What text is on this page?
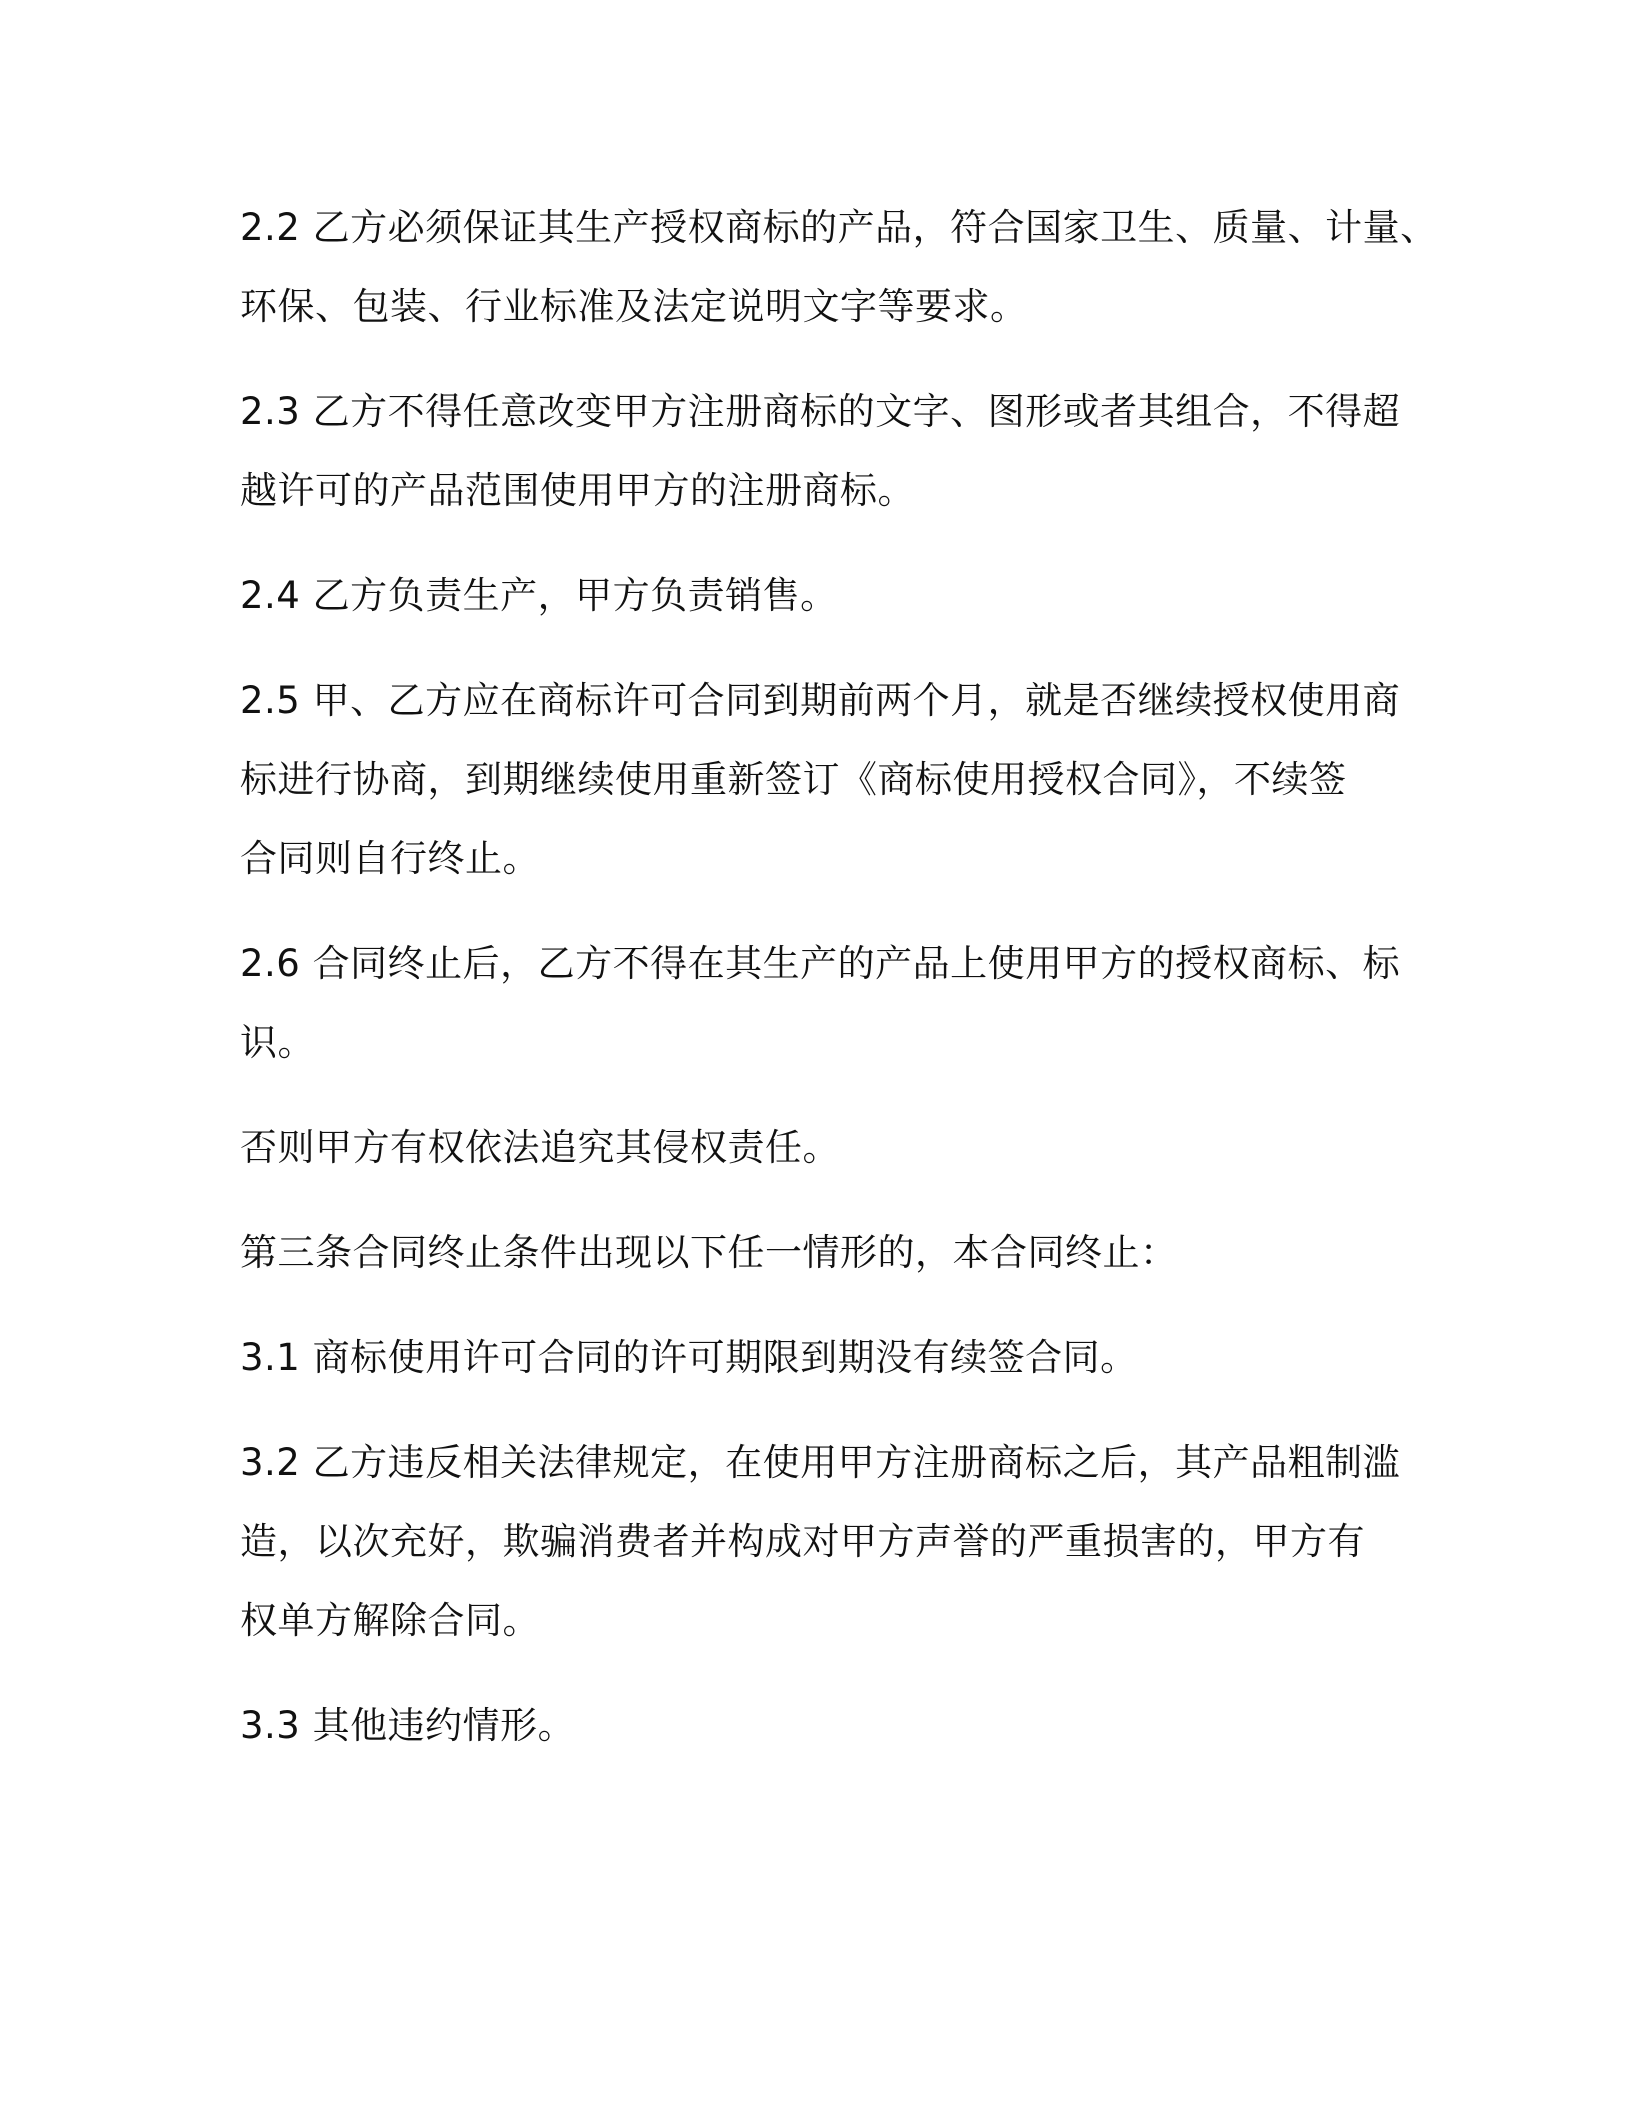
2.2 乙方必须保证其生产授权商标的产品，符合国家卫生、质量、计量、
环保、包装、行业标准及法定说明文字等要求。

2.3 乙方不得任意改变甲方注册商标的文字、图形或者其组合，不得超
越许可的产品范围使用甲方的注册商标。

2.4 乙方负责生产，甲方负责销售。

2.5 甲、乙方应在商标许可合同到期前两个月，就是否继续授权使用商
标进行协商，到期继续使用重新签订《商标使用授权合同》，不续签
合同则自行终止。

2.6 合同终止后，乙方不得在其生产的产品上使用甲方的授权商标、标
识。

否则甲方有权依法追究其侵权责任。

第三条合同终止条件出现以下任一情形的，本合同终止：

3.1 商标使用许可合同的许可期限到期没有续签合同。

3.2 乙方违反相关法律规定，在使用甲方注册商标之后，其产品粗制滥
造，以次充好，欺骗消费者并构成对甲方声誉的严重损害的，甲方有
权单方解除合同。

3.3 其他违约情形。
